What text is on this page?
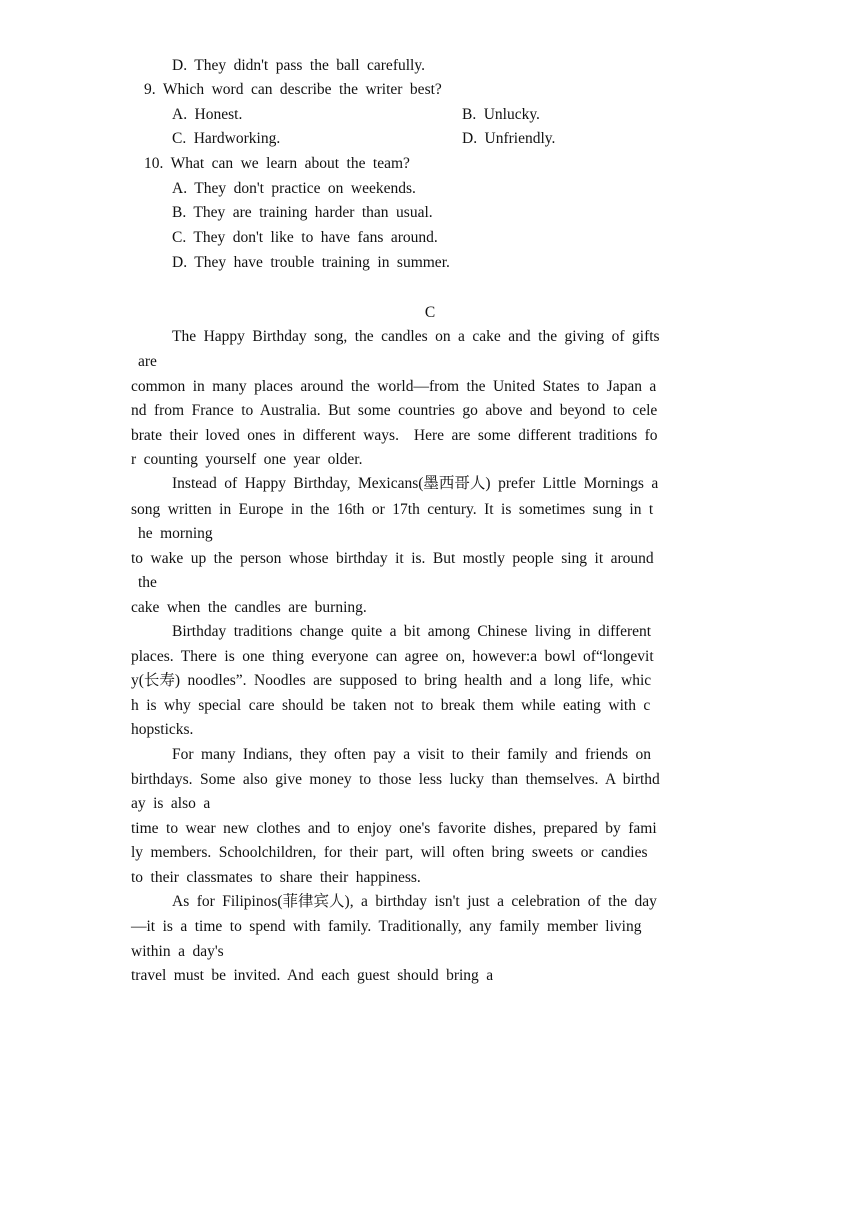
D. They didn't pass the ball carefully.
9. Which word can describe the writer best?
A. Honest.	B. Unlucky.
C. Hardworking.	D. Unfriendly.
10. What can we learn about the team?
A. They don't practice on weekends.
B. They are training harder than usual.
C. They don't like to have fans around.
D. They have trouble training in summer.
C
The Happy Birthday song, the candles on a cake and the giving of gifts
are
common in many places around the world—from the United States to Japan a
nd from France to Australia. But some countries go above and beyond to cele
brate their loved ones in different ways.  Here are some different traditions fo
r counting yourself one year older.
Instead of Happy Birthday, Mexicans(墨西哥人) prefer Little Mornings a
song written in Europe in the 16th or 17th century. It is sometimes sung in t
he morning
to wake up the person whose birthday it is. But mostly people sing it around
the
cake when the candles are burning.
Birthday traditions change quite a bit among Chinese living in different
places. There is one thing everyone can agree on, however:a bowl of“longevit
y(长寿) noodles”. Noodles are supposed to bring health and a long life, whic
h is why special care should be taken not to break them while eating with c
hopsticks.
For many Indians, they often pay a visit to their family and friends on
birthdays. Some also give money to those less lucky than themselves. A birthd
ay is also a
time to wear new clothes and to enjoy one's favorite dishes, prepared by fami
ly members. Schoolchildren, for their part, will often bring sweets or candies
to their classmates to share their happiness.
As for Filipinos(菲律宾人), a birthday isn't just a celebration of the day
—it is a time to spend with family. Traditionally, any family member living
within a day's
travel must be invited. And each guest should bring a
